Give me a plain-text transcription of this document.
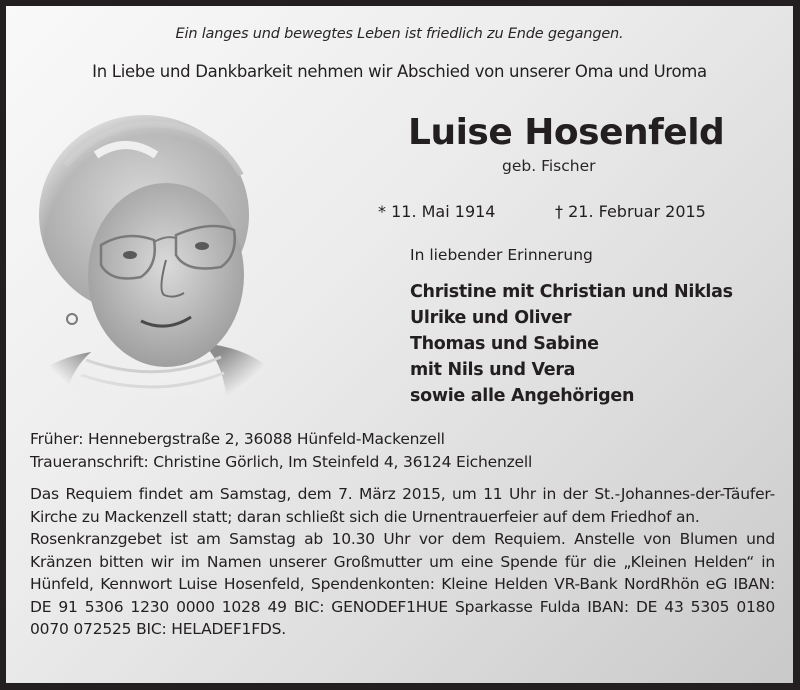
Ein langes und bewegtes Leben ist friedlich zu Ende gegangen.
In Liebe und Dankbarkeit nehmen wir Abschied von unserer Oma und Uroma
Luise Hosenfeld
geb. Fischer
* 11. Mai 1914	† 21. Februar 2015
In liebender Erinnerung
Christine mit Christian und Niklas
Ulrike und Oliver
Thomas und Sabine
mit Nils und Vera
sowie alle Angehörigen
Früher: Hennebergstraße 2, 36088 Hünfeld-Mackenzell
Traueranschrift: Christine Görlich, Im Steinfeld 4, 36124 Eichenzell

Das Requiem findet am Samstag, dem 7. März 2015, um 11 Uhr in der St.-Johannes-der-Täufer-Kirche zu Mackenzell statt; daran schließt sich die Urnentrauerfeier auf dem Friedhof an.

Rosenkranzgebet ist am Samstag ab 10.30 Uhr vor dem Requiem. Anstelle von Blumen und Kränzen bitten wir im Namen unserer Großmutter um eine Spende für die „Kleinen Helden“ in Hünfeld, Kennwort Luise Hosenfeld, Spendenkonten: Kleine Helden VR-Bank NordRhön eG IBAN: DE 91 5306 1230 0000 1028 49 BIC: GENODEF1HUE Sparkasse Fulda IBAN: DE 43 5305 0180 0070 072525 BIC: HELADEF1FDS.
